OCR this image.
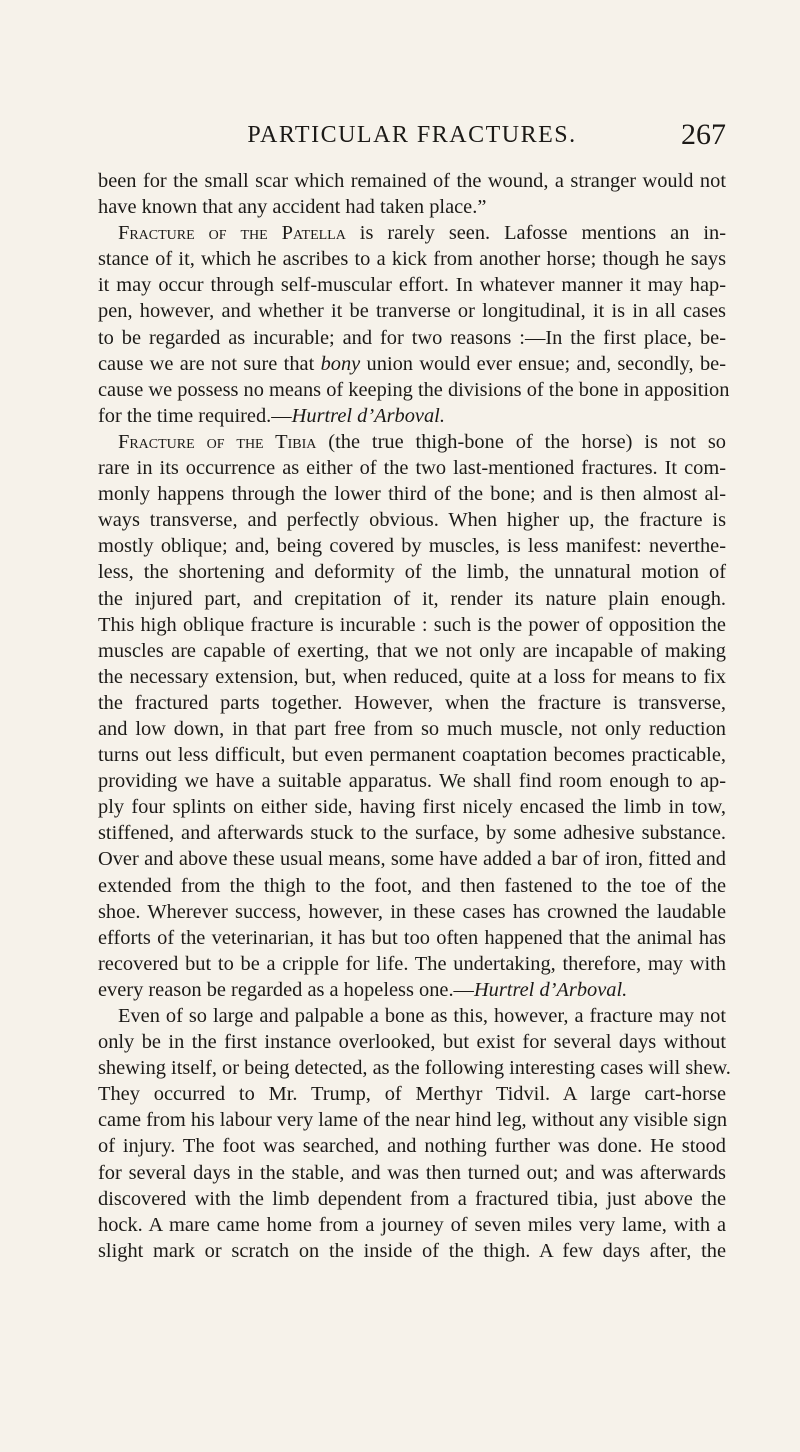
PARTICULAR FRACTURES.	267
been for the small scar which remained of the wound, a stranger would not
have known that any accident had taken place.”
Fracture of the Patella is rarely seen. Lafosse mentions an in-
stance of it, which he ascribes to a kick from another horse; though he says
it may occur through self-muscular effort. In whatever manner it may hap-
pen, however, and whether it be tranverse or longitudinal, it is in all cases
to be regarded as incurable; and for two reasons :—In the first place, be-
cause we are not sure that bony union would ever ensue; and, secondly, be-
cause we possess no means of keeping the divisions of the bone in apposition
for the time required.—Hurtrel d’Arboval.
Fracture of the Tibia (the true thigh-bone of the horse) is not so
rare in its occurrence as either of the two last-mentioned fractures. It com-
monly happens through the lower third of the bone; and is then almost al-
ways transverse, and perfectly obvious. When higher up, the fracture is
mostly oblique; and, being covered by muscles, is less manifest: neverthe-
less, the shortening and deformity of the limb, the unnatural motion of
the injured part, and crepitation of it, render its nature plain enough.
This high oblique fracture is incurable : such is the power of opposition the
muscles are capable of exerting, that we not only are incapable of making
the necessary extension, but, when reduced, quite at a loss for means to fix
the fractured parts together. However, when the fracture is transverse,
and low down, in that part free from so much muscle, not only reduction
turns out less difficult, but even permanent coaptation becomes practicable,
providing we have a suitable apparatus. We shall find room enough to ap-
ply four splints on either side, having first nicely encased the limb in tow,
stiffened, and afterwards stuck to the surface, by some adhesive substance.
Over and above these usual means, some have added a bar of iron, fitted and
extended from the thigh to the foot, and then fastened to the toe of the
shoe. Wherever success, however, in these cases has crowned the laudable
efforts of the veterinarian, it has but too often happened that the animal has
recovered but to be a cripple for life. The undertaking, therefore, may with
every reason be regarded as a hopeless one.—Hurtrel d’Arboval.
Even of so large and palpable a bone as this, however, a fracture may not
only be in the first instance overlooked, but exist for several days without
shewing itself, or being detected, as the following interesting cases will shew.
They occurred to Mr. Trump, of Merthyr Tidvil. A large cart-horse
came from his labour very lame of the near hind leg, without any visible sign
of injury. The foot was searched, and nothing further was done. He stood
for several days in the stable, and was then turned out; and was afterwards
discovered with the limb dependent from a fractured tibia, just above the
hock. A mare came home from a journey of seven miles very lame, with a
slight mark or scratch on the inside of the thigh. A few days after, the
